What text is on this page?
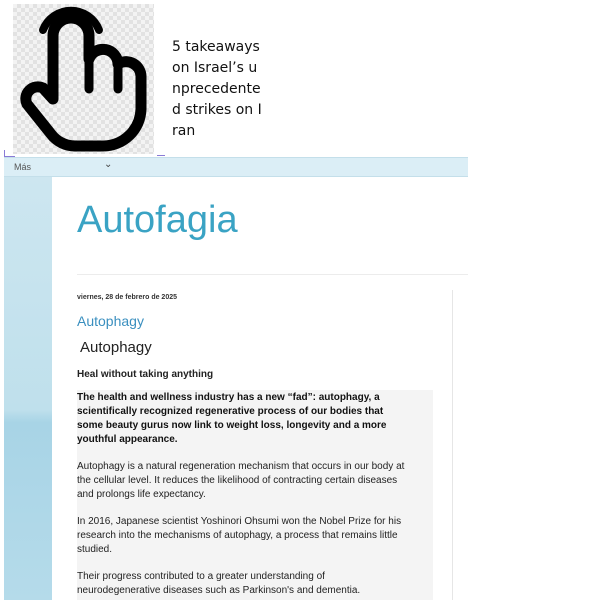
5 takeaways on Israel’s unprecedented strikes on Iran
Más	⌄
Autofagia
viernes, 28 de febrero de 2025
Autophagy
Autophagy
Heal without taking anything

The health and wellness industry has a new “fad”: autophagy, a scientifically recognized regenerative process of our bodies that some beauty gurus now link to weight loss, longevity and a more youthful appearance.

Autophagy is a natural regeneration mechanism that occurs in our body at the cellular level. It reduces the likelihood of contracting certain diseases and prolongs life expectancy.

In 2016, Japanese scientist Yoshinori Ohsumi won the Nobel Prize for his research into the mechanisms of autophagy, a process that remains little studied.

Their progress contributed to a greater understanding of neurodegenerative diseases such as Parkinson's and dementia.
